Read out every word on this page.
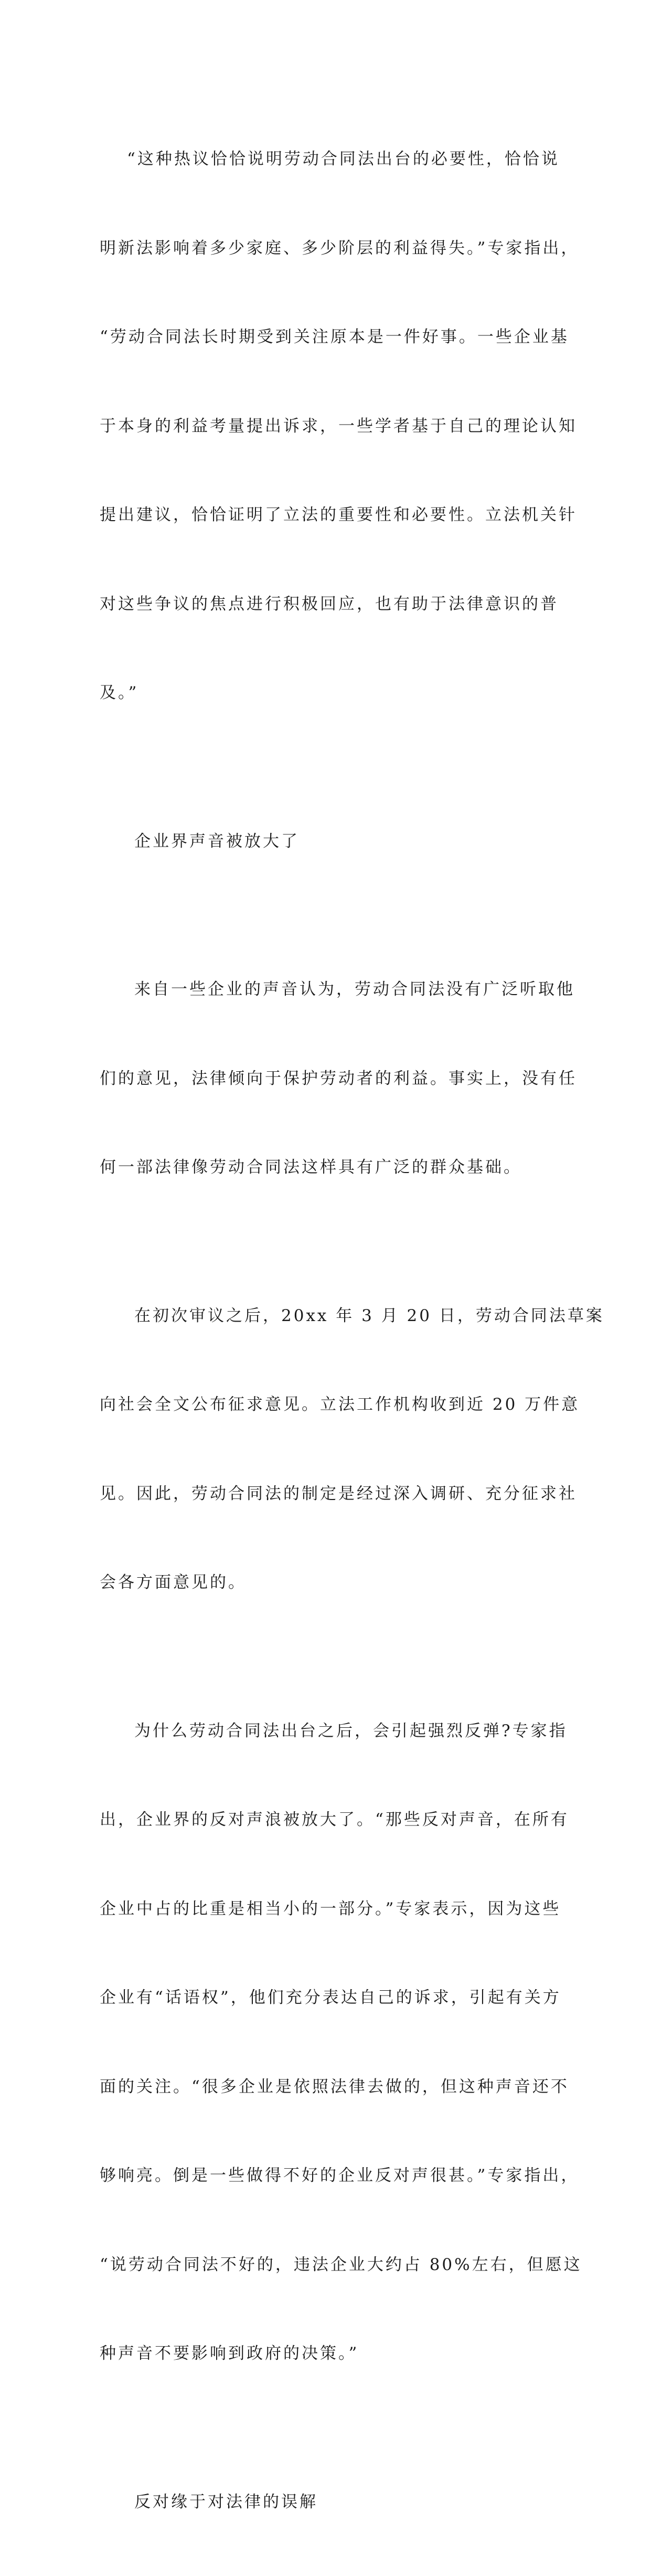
“这种热议恰恰说明劳动合同法出台的必要性，恰恰说

明新法影响着多少家庭、多少阶层的利益得失。”专家指出，

“劳动合同法长时期受到关注原本是一件好事。一些企业基

于本身的利益考量提出诉求，一些学者基于自己的理论认知

提出建议，恰恰证明了立法的重要性和必要性。立法机关针

对这些争议的焦点进行积极回应，也有助于法律意识的普

及。”

企业界声音被放大了

来自一些企业的声音认为，劳动合同法没有广泛听取他

们的意见，法律倾向于保护劳动者的利益。事实上，没有任

何一部法律像劳动合同法这样具有广泛的群众基础。

在初次审议之后，20xx 年 3 月 20 日，劳动合同法草案

向社会全文公布征求意见。立法工作机构收到近 20 万件意

见。因此，劳动合同法的制定是经过深入调研、充分征求社

会各方面意见的。

为什么劳动合同法出台之后，会引起强烈反弹?专家指

出，企业界的反对声浪被放大了。“那些反对声音，在所有

企业中占的比重是相当小的一部分。”专家表示，因为这些

企业有“话语权”，他们充分表达自己的诉求，引起有关方

面的关注。“很多企业是依照法律去做的，但这种声音还不

够响亮。倒是一些做得不好的企业反对声很甚。”专家指出，

“说劳动合同法不好的，违法企业大约占 80%左右，但愿这

种声音不要影响到政府的决策。”

反对缘于对法律的误解
